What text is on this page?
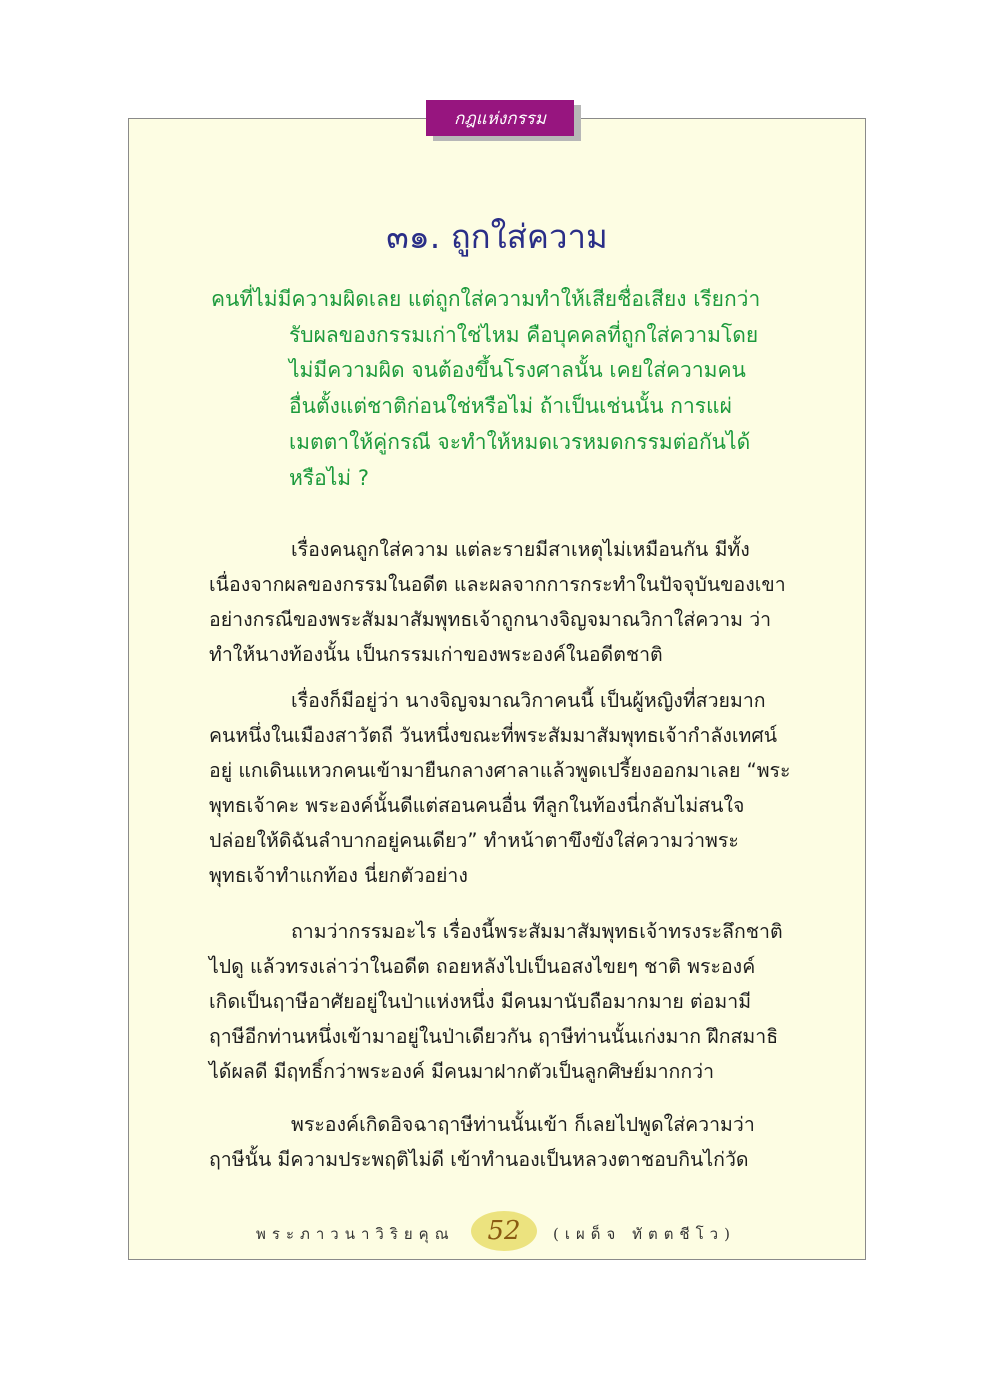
กฎแห่งกรรม
๓๑. ถูกใส่ความ
คนที่ไม่มีความผิดเลย แต่ถูกใส่ความทำให้เสียชื่อเสียง เรียกว่า
รับผลของกรรมเก่าใช่ไหม คือบุคคลที่ถูกใส่ความโดย
ไม่มีความผิด จนต้องขึ้นโรงศาลนั้น เคยใส่ความคน
อื่นตั้งแต่ชาติก่อนใช่หรือไม่ ถ้าเป็นเช่นนั้น การแผ่
เมตตาให้คู่กรณี จะทำให้หมดเวรหมดกรรมต่อกันได้
หรือไม่ ?
เรื่องคนถูกใส่ความ แต่ละรายมีสาเหตุไม่เหมือนกัน มีทั้ง
เนื่องจากผลของกรรมในอดีต และผลจากการกระทำในปัจจุบันของเขา
อย่างกรณีของพระสัมมาสัมพุทธเจ้าถูกนางจิญจมาณวิกาใส่ความ ว่า
ทำให้นางท้องนั้น เป็นกรรมเก่าของพระองค์ในอดีตชาติ
เรื่องก็มีอยู่ว่า นางจิญจมาณวิกาคนนี้ เป็นผู้หญิงที่สวยมาก
คนหนึ่งในเมืองสาวัตถี วันหนึ่งขณะที่พระสัมมาสัมพุทธเจ้ากำลังเทศน์
อยู่ แกเดินแหวกคนเข้ามายืนกลางศาลาแล้วพูดเปรี้ยงออกมาเลย “พระ
พุทธเจ้าคะ พระองค์นั้นดีแต่สอนคนอื่น ทีลูกในท้องนี่กลับไม่สนใจ
ปล่อยให้ดิฉันลำบากอยู่คนเดียว” ทำหน้าตาขึงขังใส่ความว่าพระ
พุทธเจ้าทำแกท้อง นี่ยกตัวอย่าง
ถามว่ากรรมอะไร เรื่องนี้พระสัมมาสัมพุทธเจ้าทรงระลึกชาติ
ไปดู แล้วทรงเล่าว่าในอดีต ถอยหลังไปเป็นอสงไขยๆ ชาติ พระองค์
เกิดเป็นฤาษีอาศัยอยู่ในป่าแห่งหนึ่ง มีคนมานับถือมากมาย ต่อมามี
ฤาษีอีกท่านหนึ่งเข้ามาอยู่ในป่าเดียวกัน ฤาษีท่านนั้นเก่งมาก ฝึกสมาธิ
ได้ผลดี มีฤทธิ์กว่าพระองค์ มีคนมาฝากตัวเป็นลูกศิษย์มากกว่า
พระองค์เกิดอิจฉาฤาษีท่านนั้นเข้า ก็เลยไปพูดใส่ความว่า
ฤาษีนั้น มีความประพฤติไม่ดี เข้าทำนองเป็นหลวงตาชอบกินไก่วัด
พระภาวนาวิริยคุณ	52	(เผด็จ ทัตตชีโว)
